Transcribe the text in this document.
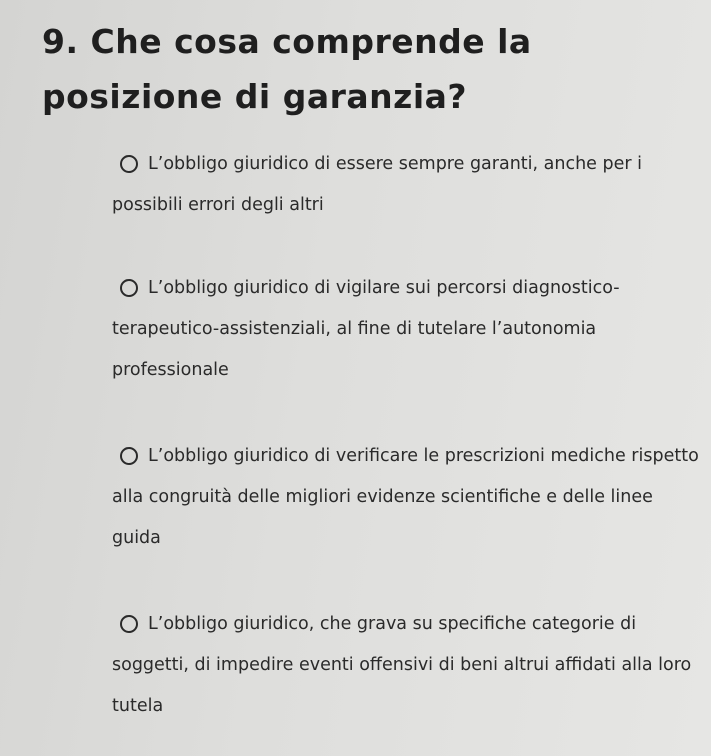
9. Che cosa comprende la posizione di garanzia?

L’obbligo giuridico di essere sempre garanti, anche per i possibili errori degli altri

L’obbligo giuridico di vigilare sui percorsi diagnostico-terapeutico-assistenziali, al fine di tutelare l’autonomia professionale

L’obbligo giuridico di verificare le prescrizioni mediche rispetto alla congruità delle migliori evidenze scientifiche e delle linee guida

L’obbligo giuridico, che grava su specifiche categorie di soggetti, di impedire eventi offensivi di beni altrui affidati alla loro tutela
